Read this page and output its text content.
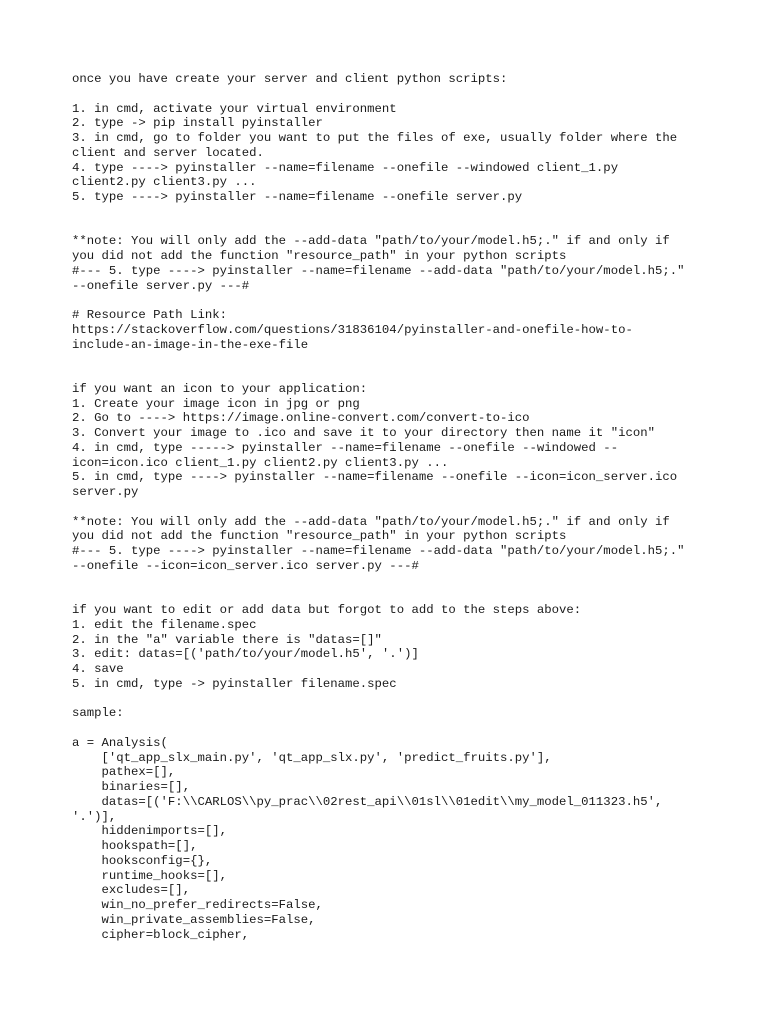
once you have create your server and client python scripts:
1. in cmd, activate your virtual environment
2. type -> pip install pyinstaller
3. in cmd, go to folder you want to put the files of exe, usually folder where the
client and server located.
4. type ----> pyinstaller --name=filename --onefile --windowed client_1.py
client2.py client3.py ...
5. type ----> pyinstaller --name=filename --onefile server.py
**note: You will only add the --add-data "path/to/your/model.h5;." if and only if
you did not add the function "resource_path" in your python scripts
#--- 5. type ----> pyinstaller --name=filename --add-data "path/to/your/model.h5;."
--onefile server.py ---#
# Resource Path Link:
https://stackoverflow.com/questions/31836104/pyinstaller-and-onefile-how-to-
include-an-image-in-the-exe-file
if you want an icon to your application:
1. Create your image icon in jpg or png
2. Go to ----> https://image.online-convert.com/convert-to-ico
3. Convert your image to .ico and save it to your directory then name it "icon"
4. in cmd, type -----> pyinstaller --name=filename --onefile --windowed --
icon=icon.ico client_1.py client2.py client3.py ...
5. in cmd, type ----> pyinstaller --name=filename --onefile --icon=icon_server.ico
server.py
**note: You will only add the --add-data "path/to/your/model.h5;." if and only if
you did not add the function "resource_path" in your python scripts
#--- 5. type ----> pyinstaller --name=filename --add-data "path/to/your/model.h5;."
--onefile --icon=icon_server.ico server.py ---#
if you want to edit or add data but forgot to add to the steps above:
1. edit the filename.spec
2. in the "a" variable there is "datas=[]"
3. edit: datas=[('path/to/your/model.h5', '.')]
4. save
5. in cmd, type -> pyinstaller filename.spec
sample:
a = Analysis(
['qt_app_slx_main.py', 'qt_app_slx.py', 'predict_fruits.py'],
pathex=[],
binaries=[],
datas=[('F:\\CARLOS\\py_prac\\02rest_api\\01sl\\01edit\\my_model_011323.h5',
'.')],
hiddenimports=[],
hookspath=[],
hooksconfig={},
runtime_hooks=[],
excludes=[],
win_no_prefer_redirects=False,
win_private_assemblies=False,
cipher=block_cipher,
